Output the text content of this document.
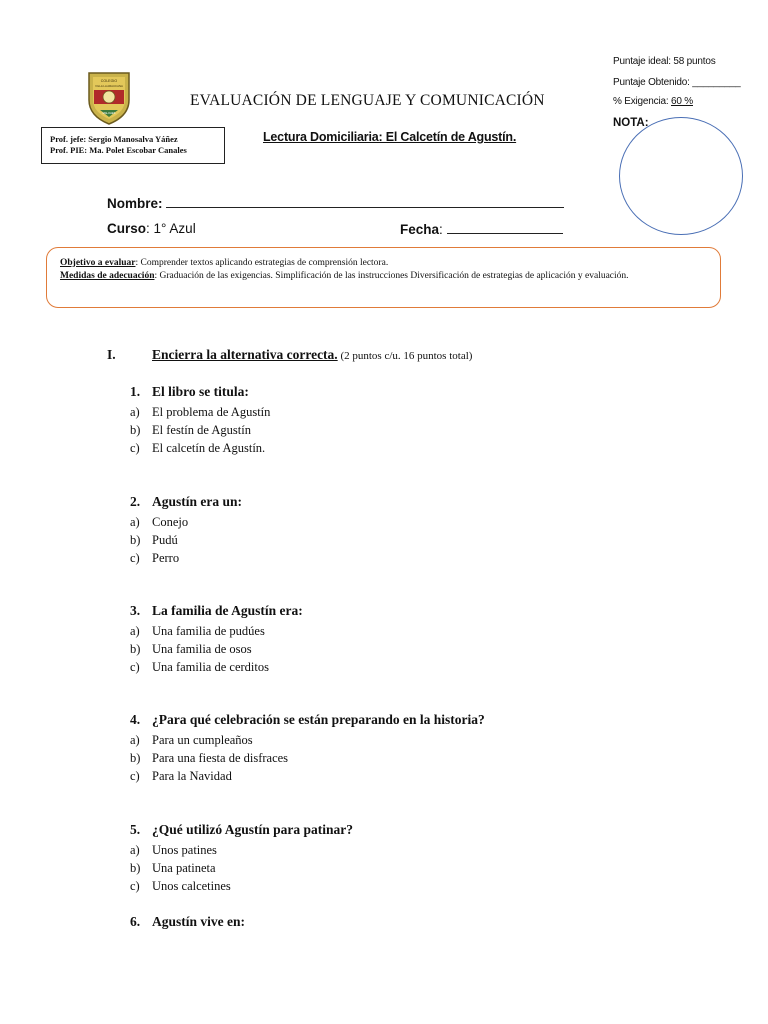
COLEGIO
VILLA LA ARAUCANA
MALOHES
EVALUACIÓN DE LENGUAJE Y COMUNICACIÓN
Prof. jefe: Sergio Manosalva Yáñez
Prof. PIE: Ma. Polet Escobar Canales
Lectura Domiciliaria: El Calcetín de Agustín.
Puntaje ideal: 58 puntos
Puntaje Obtenido: _________
% Exigencia: 60 %
NOTA:
Nombre:
Curso: 1° Azul	Fecha:
Objetivo a evaluar: Comprender textos aplicando estrategias de comprensión lectora.
Medidas de adecuación: Graduación de las exigencias. Simplificación de las instrucciones Diversificación de estrategias de aplicación y evaluación.
I.	Encierra la alternativa correcta. (2 puntos c/u. 16 puntos total)
1. El libro se titula:
a) El problema de Agustín
b) El festín de Agustín
c) El calcetín de Agustín.
2. Agustín era un:
a) Conejo
b) Pudú
c) Perro
3. La familia de Agustín era:
a) Una familia de pudúes
b) Una familia de osos
c) Una familia de cerditos
4. ¿Para qué celebración se están preparando en la historia?
a) Para un cumpleaños
b) Para una fiesta de disfraces
c) Para la Navidad
5. ¿Qué utilizó Agustín para patinar?
a) Unos patines
b) Una patineta
c) Unos calcetines
6. Agustín vive en:
